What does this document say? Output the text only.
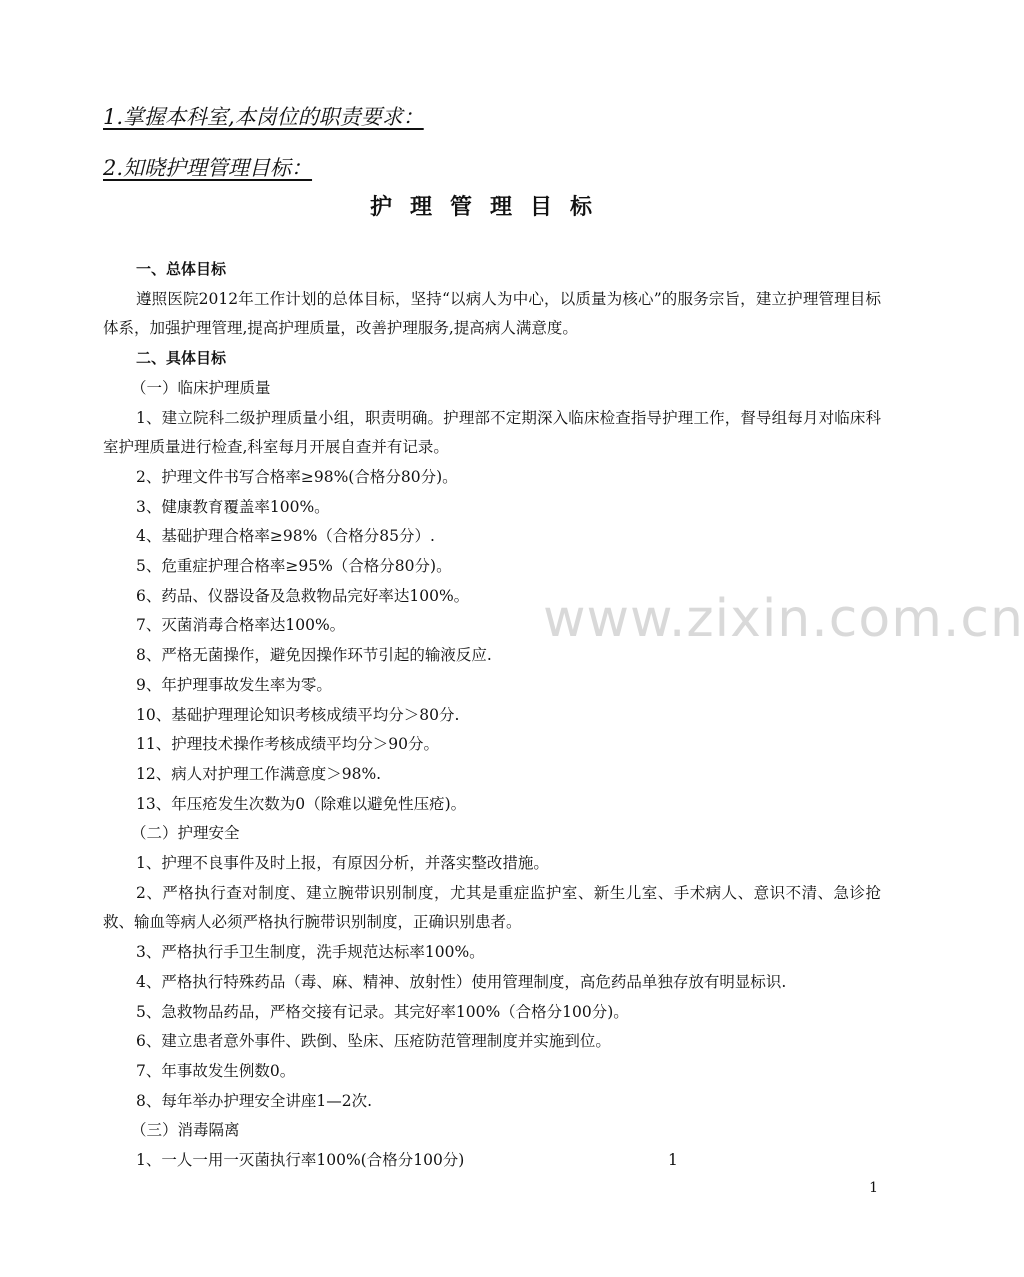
1.掌握本科室,本岗位的职责要求：
2.知晓护理管理目标：
护理管理目标

一、总体目标

遵照医院2012年工作计划的总体目标，坚持“以病人为中心，以质量为核心”的服务宗旨，建立护理管理目标体系，加强护理管理,提高护理质量，改善护理服务,提高病人满意度。

二、具体目标

（一）临床护理质量

1、建立院科二级护理质量小组，职责明确。护理部不定期深入临床检查指导护理工作，督导组每月对临床科室护理质量进行检查,科室每月开展自查并有记录。

2、护理文件书写合格率≥98%(合格分80分)。

3、健康教育覆盖率100%。

4、基础护理合格率≥98%（合格分85分）.

5、危重症护理合格率≥95%（合格分80分)。

6、药品、仪器设备及急救物品完好率达100%。

7、灭菌消毒合格率达100%。

8、严格无菌操作，避免因操作环节引起的输液反应.

9、年护理事故发生率为零。

10、基础护理理论知识考核成绩平均分＞80分.

11、护理技术操作考核成绩平均分＞90分。

12、病人对护理工作满意度＞98%.

13、年压疮发生次数为0（除难以避免性压疮)。

（二）护理安全

1、护理不良事件及时上报，有原因分析，并落实整改措施。

2、严格执行查对制度、建立腕带识别制度，尤其是重症监护室、新生儿室、手术病人、意识不清、急诊抢救、输血等病人必须严格执行腕带识别制度，正确识别患者。

3、严格执行手卫生制度，洗手规范达标率100%。

4、严格执行特殊药品（毒、麻、精神、放射性）使用管理制度，高危药品单独存放有明显标识.

5、急救物品药品，严格交接有记录。其完好率100%（合格分100分)。

6、建立患者意外事件、跌倒、坠床、压疮防范管理制度并实施到位。

7、年事故发生例数0。

8、每年举办护理安全讲座1—2次.

（三）消毒隔离

1、一人一用一灭菌执行率100%(合格分100分)	1

www.zixin.com.cn
1
